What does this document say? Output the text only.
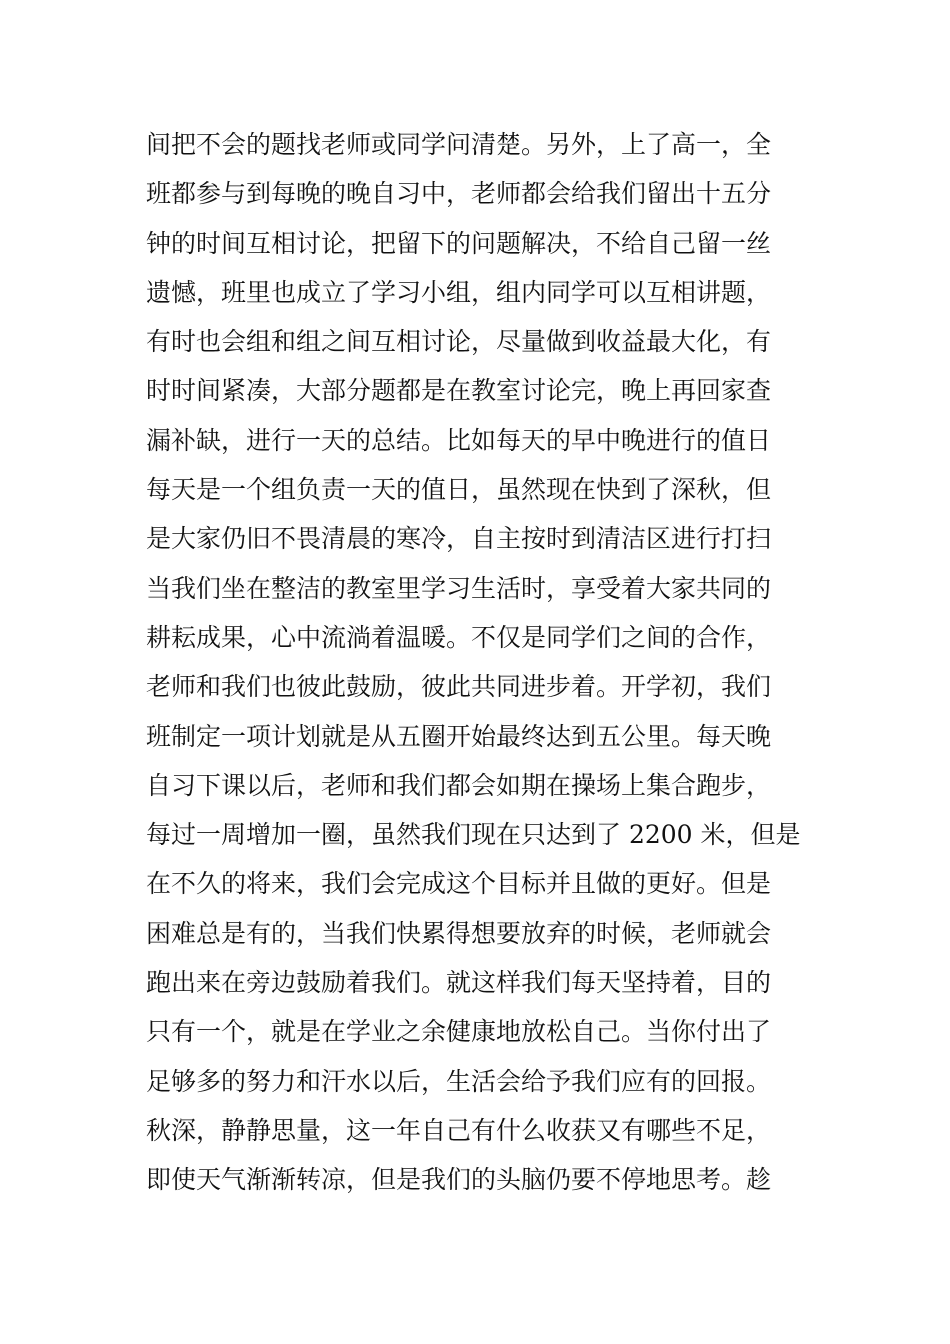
间把不会的题找老师或同学问清楚。另外，上了高一，全
班都参与到每晚的晚自习中，老师都会给我们留出十五分
钟的时间互相讨论，把留下的问题解决，不给自己留一丝
遗憾，班里也成立了学习小组，组内同学可以互相讲题，
有时也会组和组之间互相讨论，尽量做到收益最大化，有
时时间紧凑，大部分题都是在教室讨论完，晚上再回家查
漏补缺，进行一天的总结。比如每天的早中晚进行的值日
每天是一个组负责一天的值日，虽然现在快到了深秋，但
是大家仍旧不畏清晨的寒冷，自主按时到清洁区进行打扫
当我们坐在整洁的教室里学习生活时，享受着大家共同的
耕耘成果，心中流淌着温暖。不仅是同学们之间的合作，
老师和我们也彼此鼓励，彼此共同进步着。开学初，我们
班制定一项计划就是从五圈开始最终达到五公里。每天晚
自习下课以后，老师和我们都会如期在操场上集合跑步，
每过一周增加一圈，虽然我们现在只达到了 2200 米，但是
在不久的将来，我们会完成这个目标并且做的更好。但是
困难总是有的，当我们快累得想要放弃的时候，老师就会
跑出来在旁边鼓励着我们。就这样我们每天坚持着，目的
只有一个，就是在学业之余健康地放松自己。当你付出了
足够多的努力和汗水以后，生活会给予我们应有的回报。
秋深，静静思量，这一年自己有什么收获又有哪些不足，
即使天气渐渐转凉，但是我们的头脑仍要不停地思考。趁
